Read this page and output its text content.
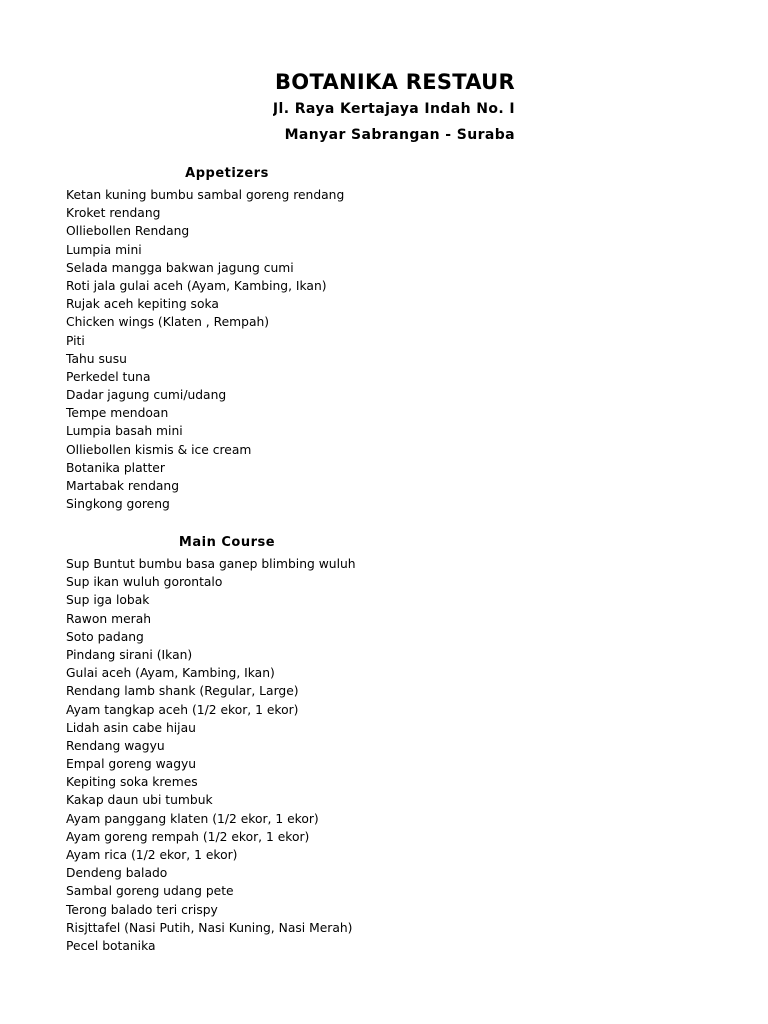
BOTANIKA RESTAUR
Jl. Raya Kertajaya Indah No. I
Manyar Sabrangan - Suraba
Appetizers
Ketan kuning bumbu sambal goreng rendang
Kroket rendang
Olliebollen Rendang
Lumpia mini
Selada mangga bakwan jagung cumi
Roti jala gulai aceh (Ayam, Kambing, Ikan)
Rujak aceh kepiting soka
Chicken wings (Klaten , Rempah)
Piti
Tahu susu
Perkedel tuna
Dadar jagung cumi/udang
Tempe mendoan
Lumpia basah mini
Olliebollen kismis & ice cream
Botanika platter
Martabak rendang
Singkong goreng
Main Course
Sup Buntut bumbu basa ganep blimbing wuluh
Sup ikan wuluh gorontalo
Sup iga lobak
Rawon merah
Soto padang
Pindang sirani (Ikan)
Gulai aceh (Ayam, Kambing, Ikan)
Rendang lamb shank (Regular, Large)
Ayam tangkap aceh (1/2 ekor, 1 ekor)
Lidah asin cabe hijau
Rendang wagyu
Empal goreng wagyu
Kepiting soka kremes
Kakap daun ubi tumbuk
Ayam panggang klaten (1/2 ekor, 1 ekor)
Ayam goreng rempah (1/2 ekor, 1 ekor)
Ayam rica (1/2 ekor, 1 ekor)
Dendeng balado
Sambal goreng udang pete
Terong balado teri crispy
Risjttafel (Nasi Putih, Nasi Kuning, Nasi Merah)
Pecel botanika
